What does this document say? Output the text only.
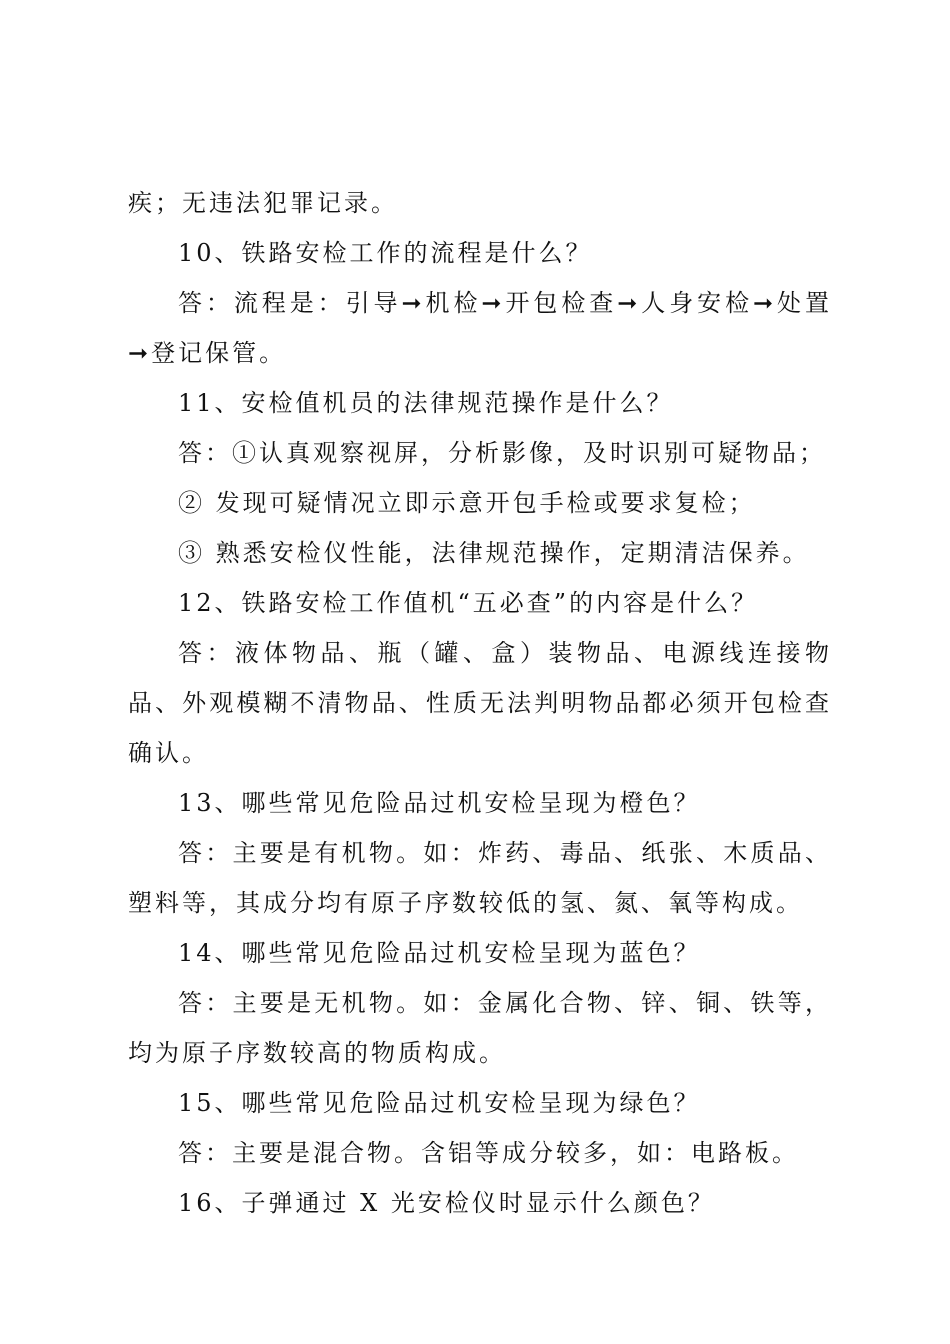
疾；无违法犯罪记录。

10、铁路安检工作的流程是什么？

答：流程是：引导➞机检➞开包检查➞人身安检➞处置➞登记保管。

11、安检值机员的法律规范操作是什么？

答：①认真观察视屏，分析影像，及时识别可疑物品；

② 发现可疑情况立即示意开包手检或要求复检；

③ 熟悉安检仪性能，法律规范操作，定期清洁保养。

12、铁路安检工作值机“五必查”的内容是什么？

答：液体物品、瓶（罐、盒）装物品、电源线连接物品、外观模糊不清物品、性质无法判明物品都必须开包检查确认。

13、哪些常见危险品过机安检呈现为橙色？

答：主要是有机物。如：炸药、毒品、纸张、木质品、塑料等，其成分均有原子序数较低的氢、氮、氧等构成。

14、哪些常见危险品过机安检呈现为蓝色？

答：主要是无机物。如：金属化合物、锌、铜、铁等，均为原子序数较高的物质构成。

15、哪些常见危险品过机安检呈现为绿色？

答：主要是混合物。含铝等成分较多，如：电路板。

16、子弹通过 X 光安检仪时显示什么颜色？
